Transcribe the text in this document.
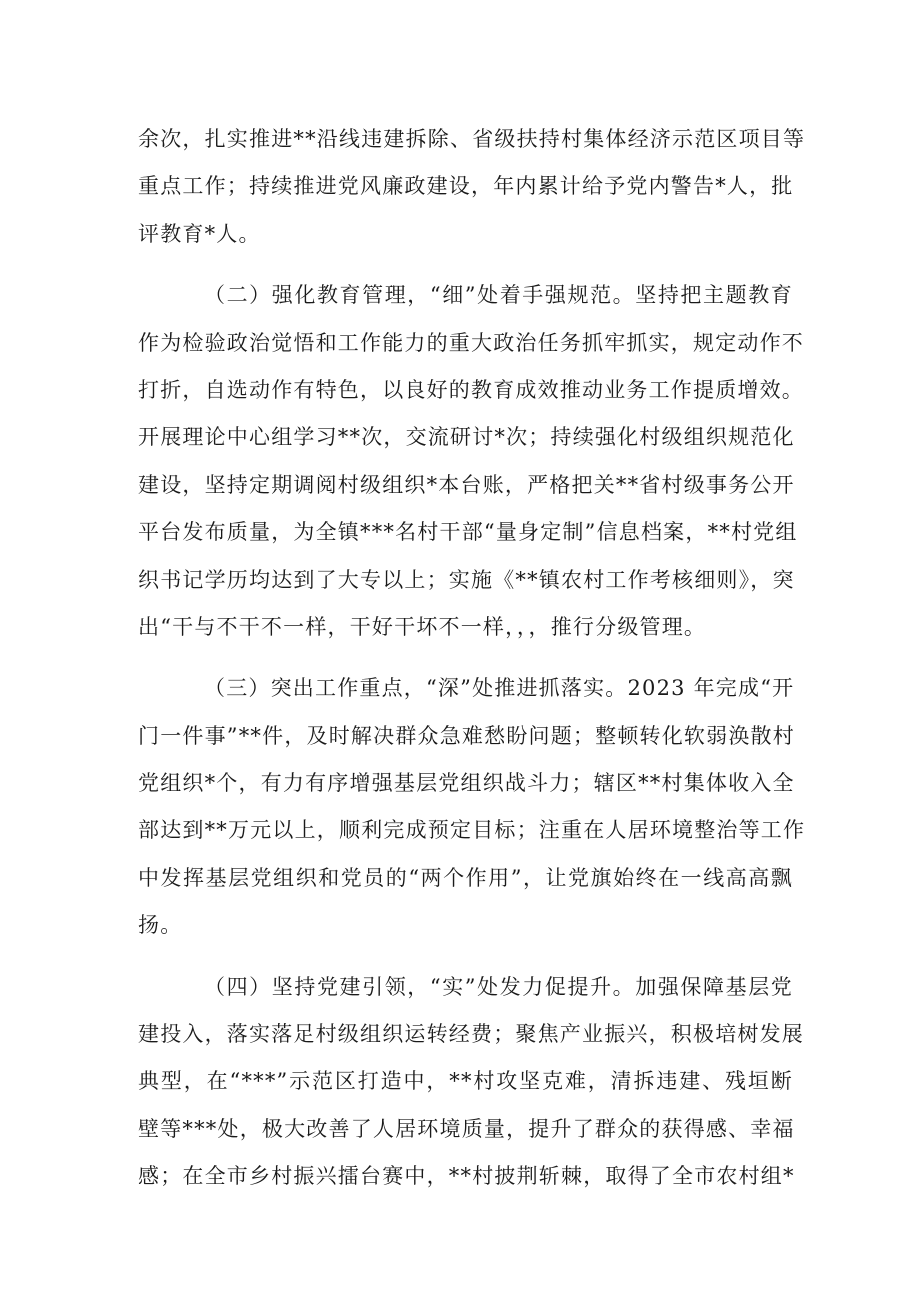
余次，扎实推进**沿线违建拆除、省级扶持村集体经济示范区项目等
重点工作；持续推进党风廉政建设，年内累计给予党内警告*人，批
评教育*人。
（二）强化教育管理，“细”处着手强规范。坚持把主题教育
作为检验政治觉悟和工作能力的重大政治任务抓牢抓实，规定动作不
打折，自选动作有特色，以良好的教育成效推动业务工作提质增效。
开展理论中心组学习**次，交流研讨*次；持续强化村级组织规范化
建设，坚持定期调阅村级组织*本台账，严格把关**省村级事务公开
平台发布质量，为全镇***名村干部“量身定制”信息档案，**村党组
织书记学历均达到了大专以上；实施《**镇农村工作考核细则》，突
出“干与不干不一样，干好干坏不一样，，，推行分级管理。
（三）突出工作重点，“深”处推进抓落实。2023 年完成“开
门一件事”**件，及时解决群众急难愁盼问题；整顿转化软弱涣散村
党组织*个，有力有序增强基层党组织战斗力；辖区**村集体收入全
部达到**万元以上，顺利完成预定目标；注重在人居环境整治等工作
中发挥基层党组织和党员的“两个作用”，让党旗始终在一线高高飘
扬。
（四）坚持党建引领，“实”处发力促提升。加强保障基层党
建投入，落实落足村级组织运转经费；聚焦产业振兴，积极培树发展
典型，在“***”示范区打造中，**村攻坚克难，清拆违建、残垣断
壁等***处，极大改善了人居环境质量，提升了群众的获得感、幸福
感；在全市乡村振兴擂台赛中，**村披荆斩棘，取得了全市农村组*
